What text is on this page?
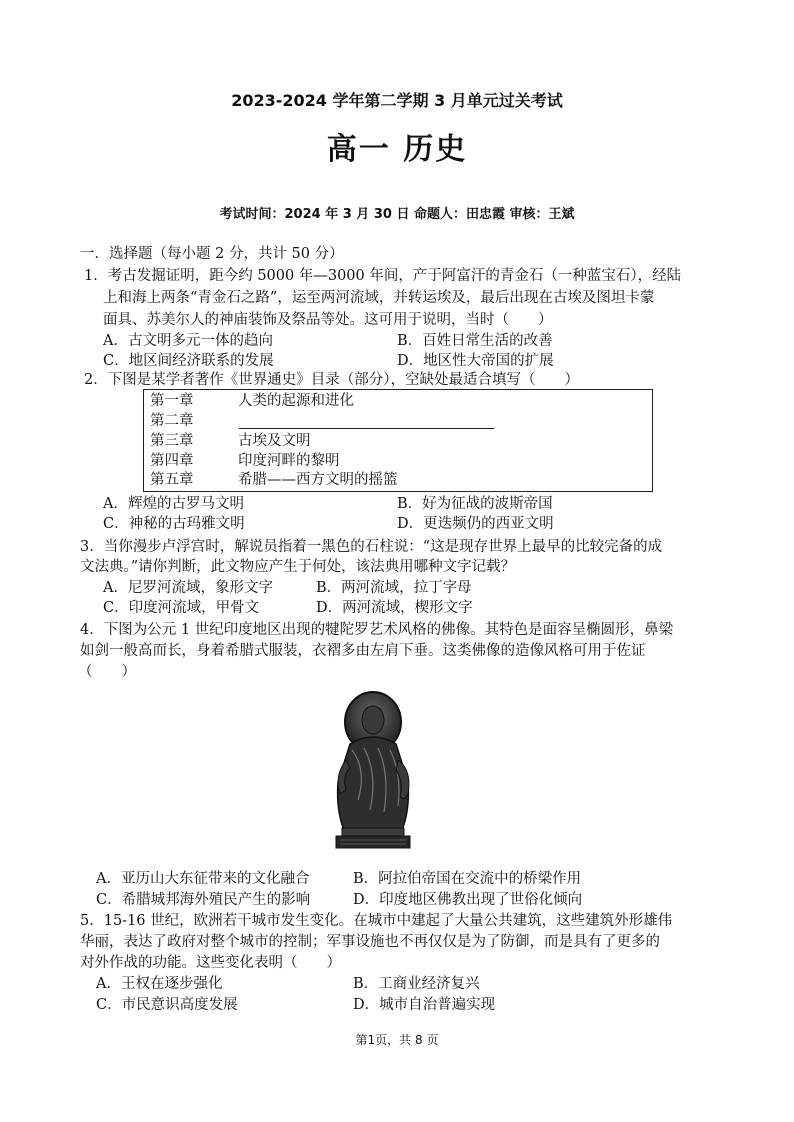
2023-2024 学年第二学期 3 月单元过关考试
高一 历史
考试时间：2024 年 3 月 30 日 命题人：田忠霞 审核：王斌
一．选择题（每小题 2 分，共计 50 分）
1．考古发掘证明，距今约 5000 年—3000 年间，产于阿富汗的青金石（一种蓝宝石），经陆
上和海上两条“青金石之路”，运至两河流域，并转运埃及，最后出现在古埃及图坦卡蒙
面具、苏美尔人的神庙装饰及祭品等处。这可用于说明，当时（　　）
A．古文明多元一体的趋向	B．百姓日常生活的改善
C．地区间经济联系的发展	D．地区性大帝国的扩展
2．下图是某学者著作《世界通史》目录（部分），空缺处最适合填写（　　）
第一章	人类的起源和进化
第二章
第三章	古埃及文明
第四章	印度河畔的黎明
第五章	希腊——西方文明的摇篮
A．辉煌的古罗马文明	B．好为征战的波斯帝国
C．神秘的古玛雅文明	D．更迭频仍的西亚文明
3．当你漫步卢浮宫时，解说员指着一黑色的石柱说：“这是现存世界上最早的比较完备的成
文法典。”请你判断，此文物应产生于何处，该法典用哪种文字记载？
A．尼罗河流域，象形文字	B．两河流域，拉丁字母
C．印度河流域，甲骨文	D．两河流域，楔形文字
4．下图为公元 1 世纪印度地区出现的犍陀罗艺术风格的佛像。其特色是面容呈椭圆形，鼻梁
如剑一般高而长，身着希腊式服装，衣褶多由左肩下垂。这类佛像的造像风格可用于佐证
（　　）
A．亚历山大东征带来的文化融合	B．阿拉伯帝国在交流中的桥梁作用
C．希腊城邦海外殖民产生的影响	D．印度地区佛教出现了世俗化倾向
5．15-16 世纪，欧洲若干城市发生变化。在城市中建起了大量公共建筑，这些建筑外形雄伟
华丽，表达了政府对整个城市的控制；军事设施也不再仅仅是为了防御，而是具有了更多的
对外作战的功能。这些变化表明（　　）
A．王权在逐步强化	B．工商业经济复兴
C．市民意识高度发展	D．城市自治普遍实现
第1页，共 8 页
